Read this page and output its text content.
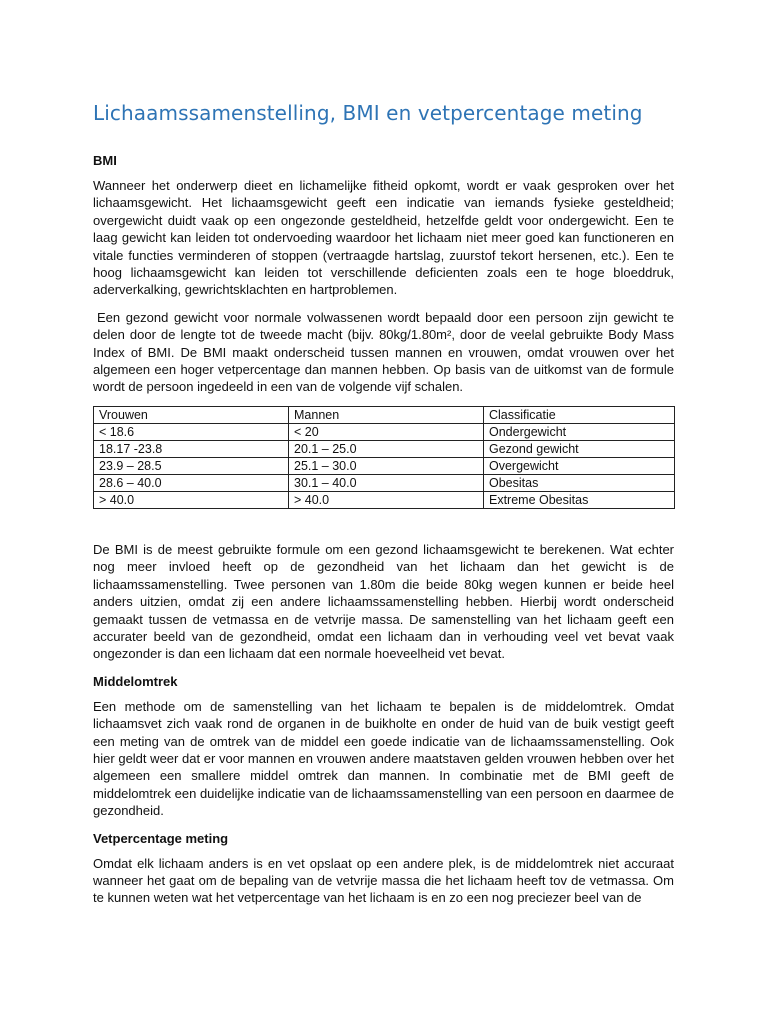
Lichaamssamenstelling, BMI en vetpercentage meting
BMI

Wanneer het onderwerp dieet en lichamelijke fitheid opkomt, wordt er vaak gesproken over het lichaamsgewicht. Het lichaamsgewicht geeft een indicatie van iemands fysieke gesteldheid; overgewicht duidt vaak op een ongezonde gesteldheid, hetzelfde geldt voor ondergewicht. Een te laag gewicht kan leiden tot ondervoeding waardoor het lichaam niet meer goed kan functioneren en vitale functies verminderen of stoppen (vertraagde hartslag, zuurstof tekort hersenen, etc.). Een te hoog lichaamsgewicht kan leiden tot verschillende deficienten zoals een te hoge bloeddruk, aderverkalking, gewrichtsklachten en hartproblemen.

Een gezond gewicht voor normale volwassenen wordt bepaald door een persoon zijn gewicht te delen door de lengte tot de tweede macht (bijv. 80kg/1.80m², door de veelal gebruikte Body Mass Index of BMI. De BMI maakt onderscheid tussen mannen en vrouwen, omdat vrouwen over het algemeen een hoger vetpercentage dan mannen hebben. Op basis van de uitkomst van de formule wordt de persoon ingedeeld in een van de volgende vijf schalen.

Vrouwen	Mannen	Classificatie
< 18.6	< 20	Ondergewicht
18.17 -23.8	20.1 – 25.0	Gezond gewicht
23.9 – 28.5	25.1 – 30.0	Overgewicht
28.6 – 40.0	30.1 – 40.0	Obesitas
> 40.0	> 40.0	Extreme Obesitas

De BMI is de meest gebruikte formule om een gezond lichaamsgewicht te berekenen. Wat echter nog meer invloed heeft op de gezondheid van het lichaam dan het gewicht is de lichaamssamenstelling. Twee personen van 1.80m die beide 80kg wegen kunnen er beide heel anders uitzien, omdat zij een andere lichaamssamenstelling hebben. Hierbij wordt onderscheid gemaakt tussen de vetmassa en de vetvrije massa. De samenstelling van het lichaam geeft een accurater beeld van de gezondheid, omdat een lichaam dan in verhouding veel vet bevat vaak ongezonder is dan een lichaam dat een normale hoeveelheid vet bevat.

Middelomtrek

Een methode om de samenstelling van het lichaam te bepalen is de middelomtrek. Omdat lichaamsvet zich vaak rond de organen in de buikholte en onder de huid van de buik vestigt geeft een meting van de omtrek van de middel een goede indicatie van de lichaamssamenstelling. Ook hier geldt weer dat er voor mannen en vrouwen andere maatstaven gelden vrouwen hebben over het algemeen een smallere middel omtrek dan mannen. In combinatie met de BMI geeft de middelomtrek een duidelijke indicatie van de lichaamssamenstelling van een persoon en daarmee de gezondheid.

Vetpercentage meting

Omdat elk lichaam anders is en vet opslaat op een andere plek, is de middelomtrek niet accuraat wanneer het gaat om de bepaling van de vetvrije massa die het lichaam heeft tov de vetmassa. Om te kunnen weten wat het vetpercentage van het lichaam is en zo een nog preciezer beel van de
